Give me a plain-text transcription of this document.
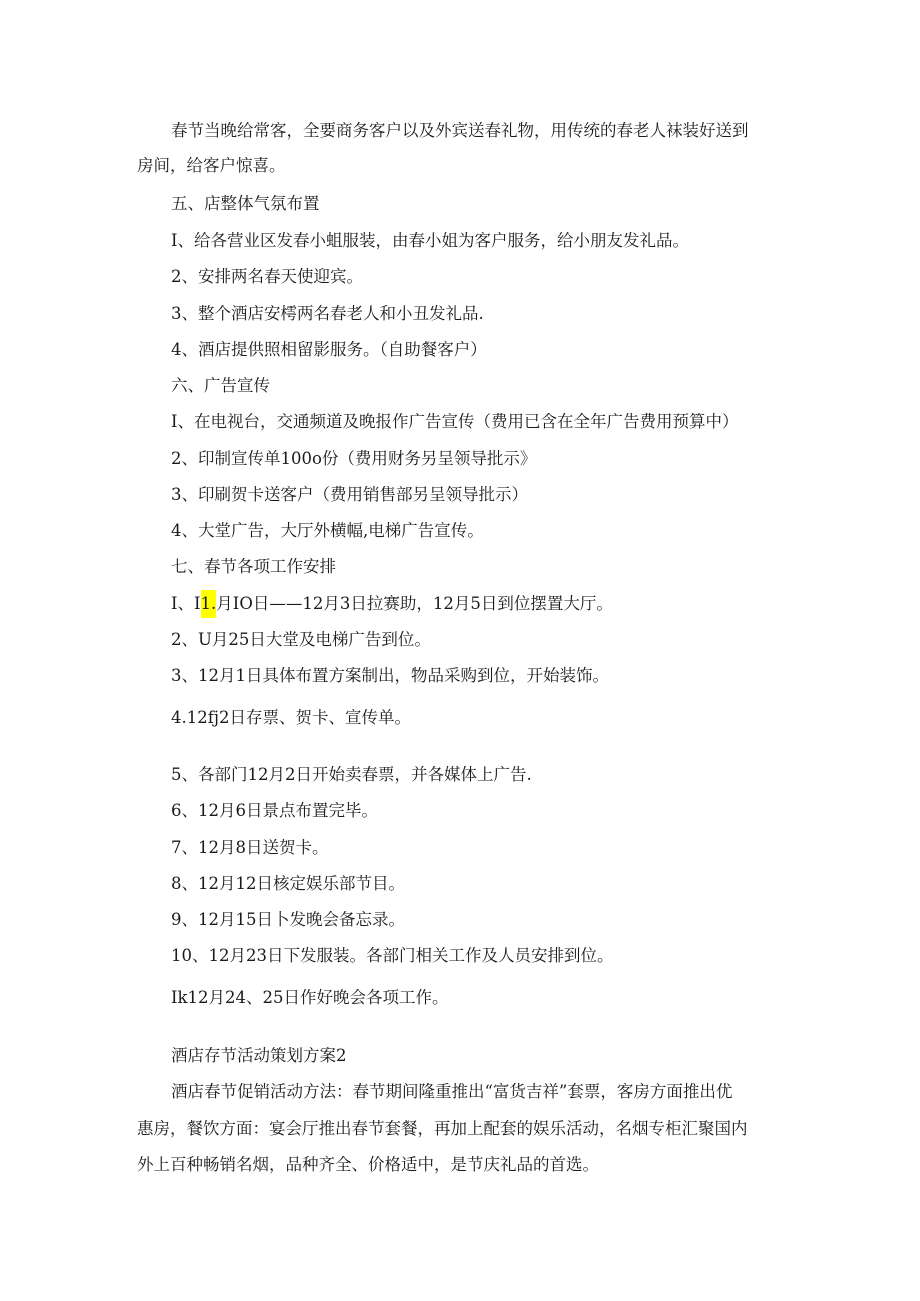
春节当晚给常客，全要商务客户以及外宾送春礼物，用传统的春老人袜装好送到
房间，给客户惊喜。
五、店整体气氛布置
I、给各营业区发春小蛆服装，由春小姐为客户服务，给小朋友发礼品。
2、安排两名春天使迎宾。
3、整个酒店安樗两名春老人和小丑发礼品.
4、酒店提供照相留影服务。（自助餐客户）
六、广告宣传
I、在电视台，交通频道及晚报作广告宣传（费用已含在全年广告费用预算中）
2、印制宣传单100o份（费用财务另呈领导批示》
3、印刷贺卡送客户（费用销售部另呈领导批示）
4、大堂广告，大厅外横幅,电梯广告宣传。
七、春节各项工作安排
I、I1.月IO日——12月3日拉赛助，12月5日到位摆置大厅。
2、U月25日大堂及电梯广告到位。
3、12月1日具体布置方案制出，物品采购到位，开始装饰。
4.12fj2日存票、贺卡、宣传单。
5、各部门12月2日开始卖春票，并各媒体上广告.
6、12月6日景点布置完毕。
7、12月8日送贺卡。
8、12月12日核定娱乐部节目。
9、12月15日卜发晚会备忘录。
10、12月23日下发服装。各部门相关工作及人员安排到位。
Ik12月24、25日作好晚会各项工作。
酒店存节活动策划方案2
酒店春节促销活动方法：春节期间隆重推出“富货吉祥”套票，客房方面推出优
惠房，餐饮方面：宴会厅推出春节套餐，再加上配套的娱乐活动，名烟专柜汇聚国内
外上百种畅销名烟，品种齐全、价格适中，是节庆礼品的首选。
